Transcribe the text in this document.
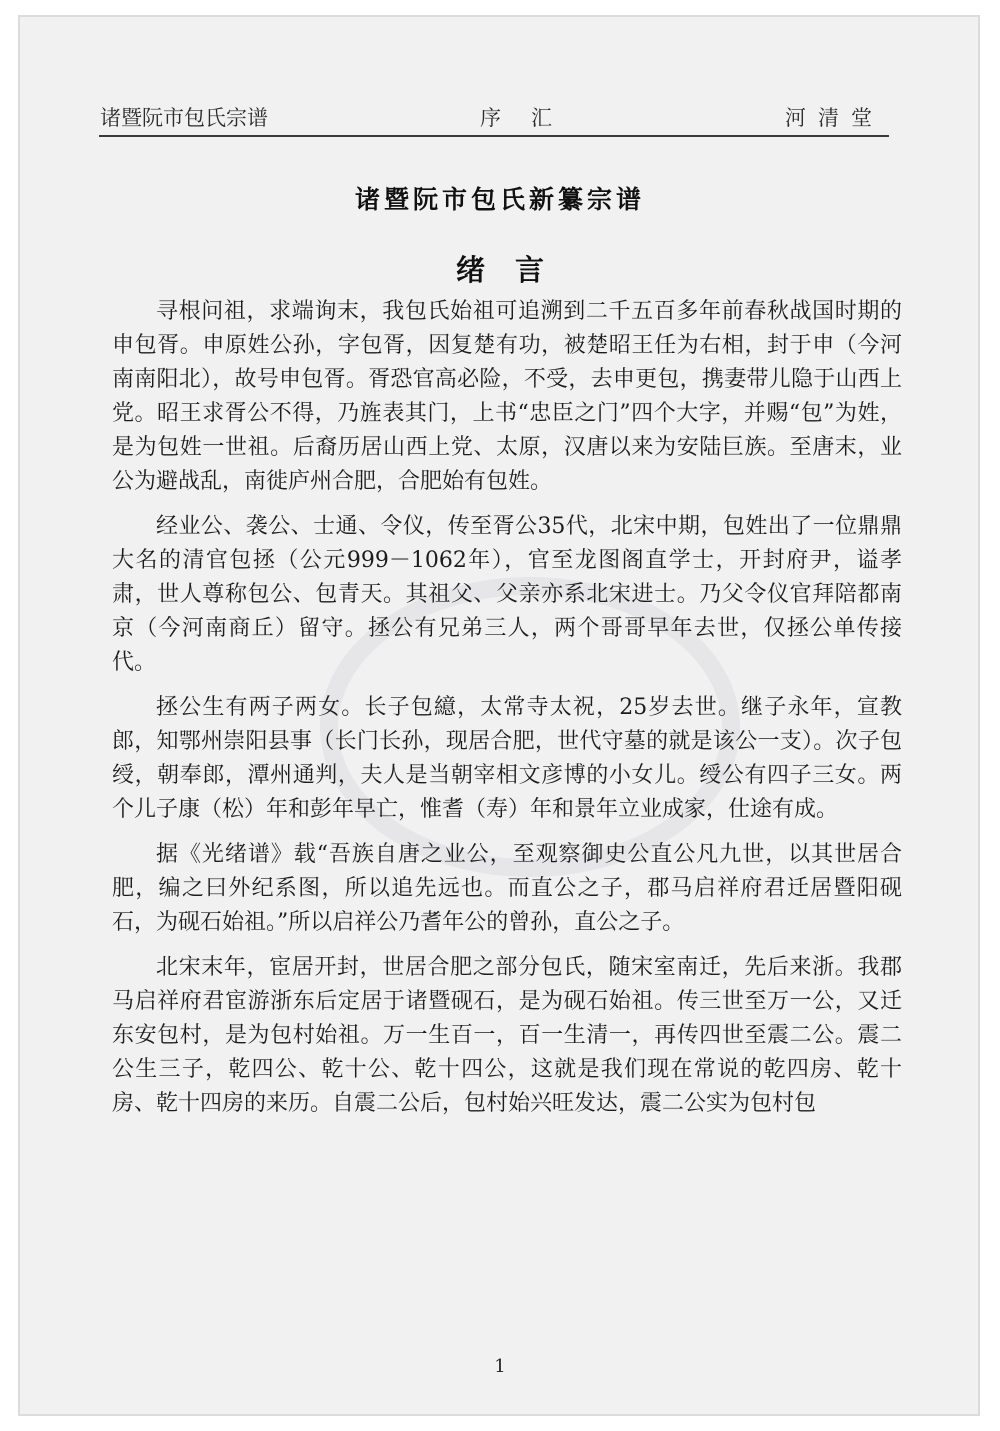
诸暨阮市包氏宗谱	序汇	河清堂
诸暨阮市包氏新纂宗谱
绪言

寻根问祖，求端询末，我包氏始祖可追溯到二千五百多年前春秋战国时期的申包胥。申原姓公孙，字包胥，因复楚有功，被楚昭王任为右相，封于申（今河南南阳北），故号申包胥。胥恐官高必险，不受，去申更包，携妻带儿隐于山西上党。昭王求胥公不得，乃旌表其门，上书“忠臣之门”四个大字，并赐“包”为姓，是为包姓一世祖。后裔历居山西上党、太原，汉唐以来为安陆巨族。至唐末，业公为避战乱，南徙庐州合肥，合肥始有包姓。

经业公、袭公、士通、令仪，传至胥公35代，北宋中期，包姓出了一位鼎鼎大名的清官包拯（公元999－1062年），官至龙图阁直学士，开封府尹，谥孝肃，世人尊称包公、包青天。其祖父、父亲亦系北宋进士。乃父令仪官拜陪都南京（今河南商丘）留守。拯公有兄弟三人，两个哥哥早年去世，仅拯公单传接代。

拯公生有两子两女。长子包繶，太常寺太祝，25岁去世。继子永年，宣教郎，知鄂州崇阳县事（长门长孙，现居合肥，世代守墓的就是该公一支）。次子包绶，朝奉郎，潭州通判，夫人是当朝宰相文彦博的小女儿。绶公有四子三女。两个儿子康（松）年和彭年早亡，惟耆（寿）年和景年立业成家，仕途有成。

据《光绪谱》载“吾族自唐之业公，至观察御史公直公凡九世，以其世居合肥，编之曰外纪系图，所以追先远也。而直公之子，郡马启祥府君迁居暨阳砚石，为砚石始祖。”所以启祥公乃耆年公的曾孙，直公之子。

北宋末年，宦居开封，世居合肥之部分包氏，随宋室南迁，先后来浙。我郡马启祥府君宦游浙东后定居于诸暨砚石，是为砚石始祖。传三世至万一公，又迁东安包村，是为包村始祖。万一生百一，百一生清一，再传四世至震二公。震二公生三子，乾四公、乾十公、乾十四公，这就是我们现在常说的乾四房、乾十房、乾十四房的来历。自震二公后，包村始兴旺发达，震二公实为包村包

1
